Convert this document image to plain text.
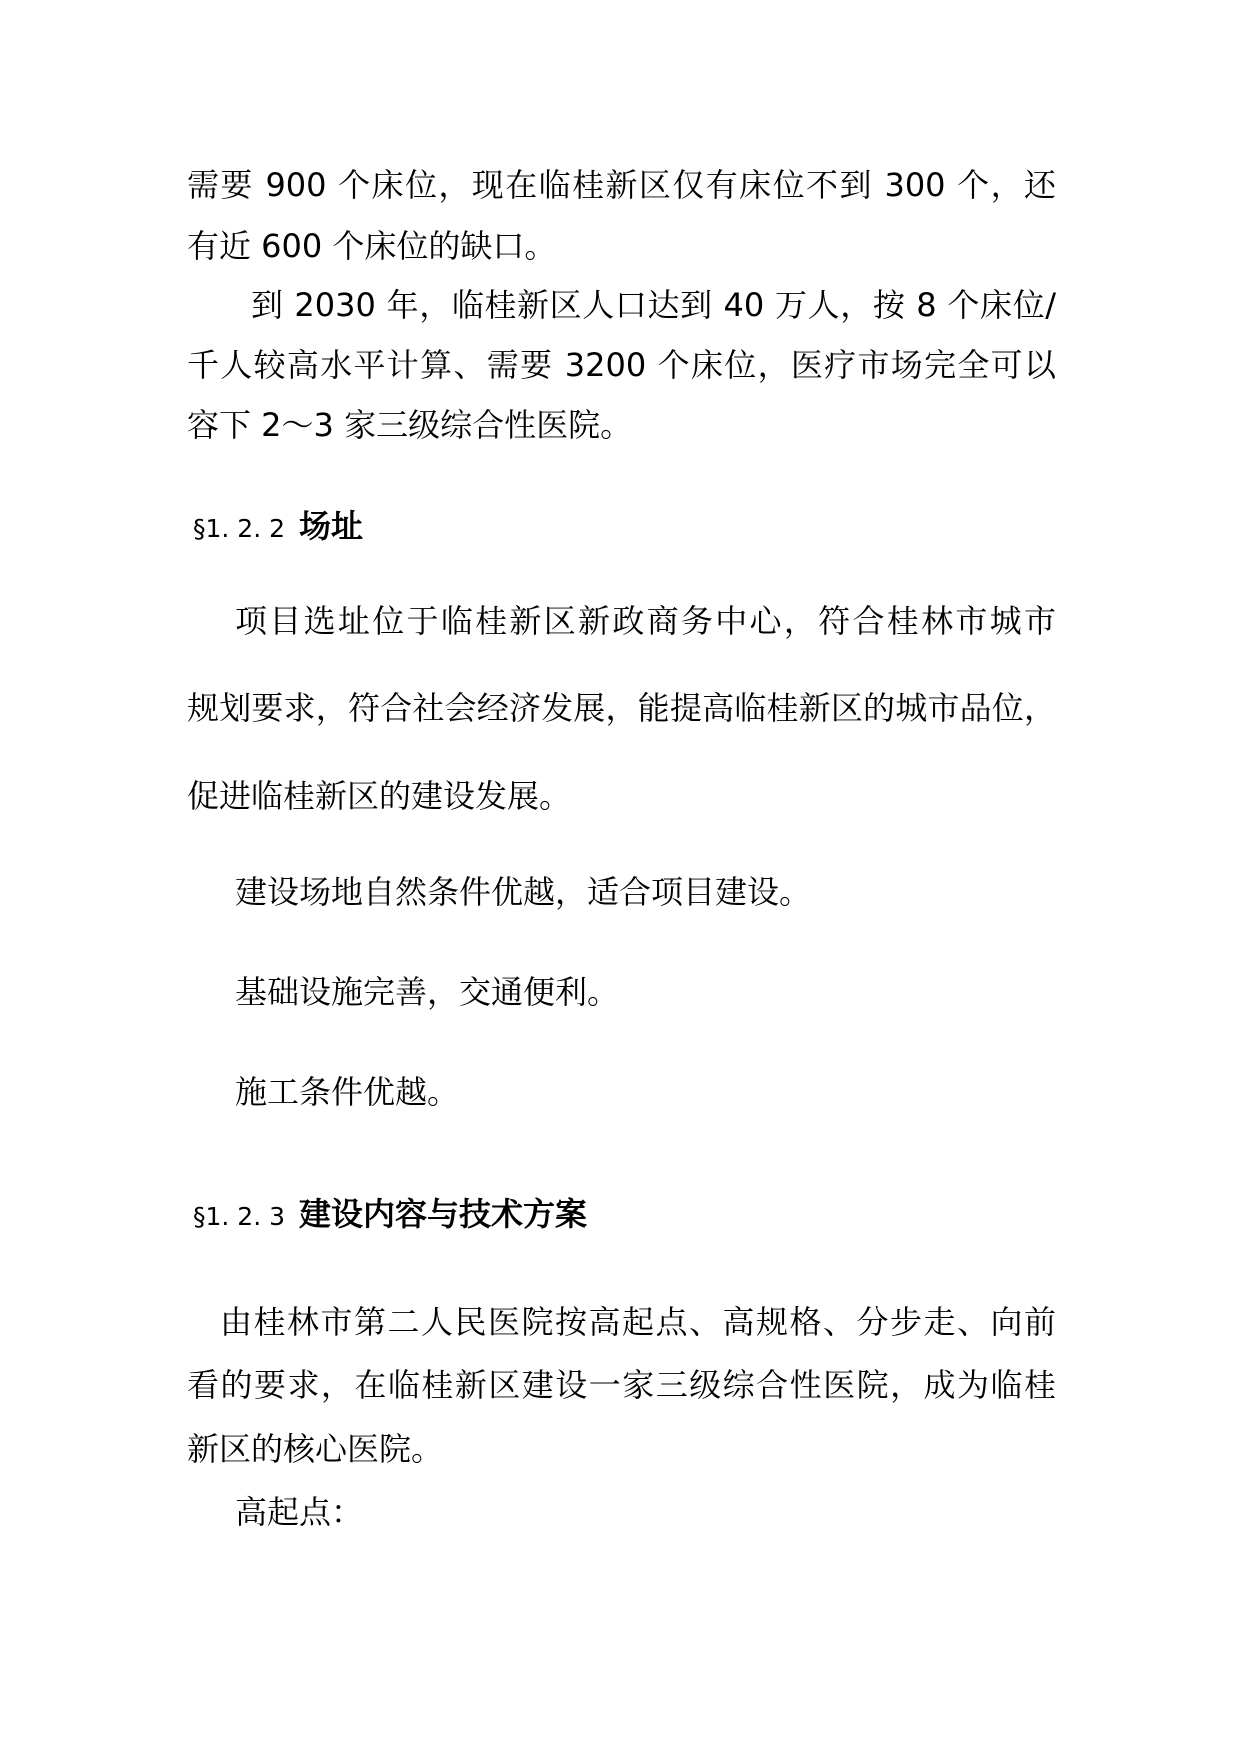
需要 900 个床位，现在临桂新区仅有床位不到 300 个，还
有近 600 个床位的缺口。
到 2030 年，临桂新区人口达到 40 万人，按 8 个床位/
千人较高水平计算、需要 3200 个床位，医疗市场完全可以
容下 2～3 家三级综合性医院。
§1. 2. 2 场址
项目选址位于临桂新区新政商务中心，符合桂林市城市
规划要求，符合社会经济发展，能提高临桂新区的城市品位，
促进临桂新区的建设发展。
建设场地自然条件优越，适合项目建设。
基础设施完善，交通便利。
施工条件优越。
§1. 2. 3 建设内容与技术方案
由桂林市第二人民医院按高起点、高规格、分步走、向前
看的要求，在临桂新区建设一家三级综合性医院，成为临桂
新区的核心医院。
高起点：
